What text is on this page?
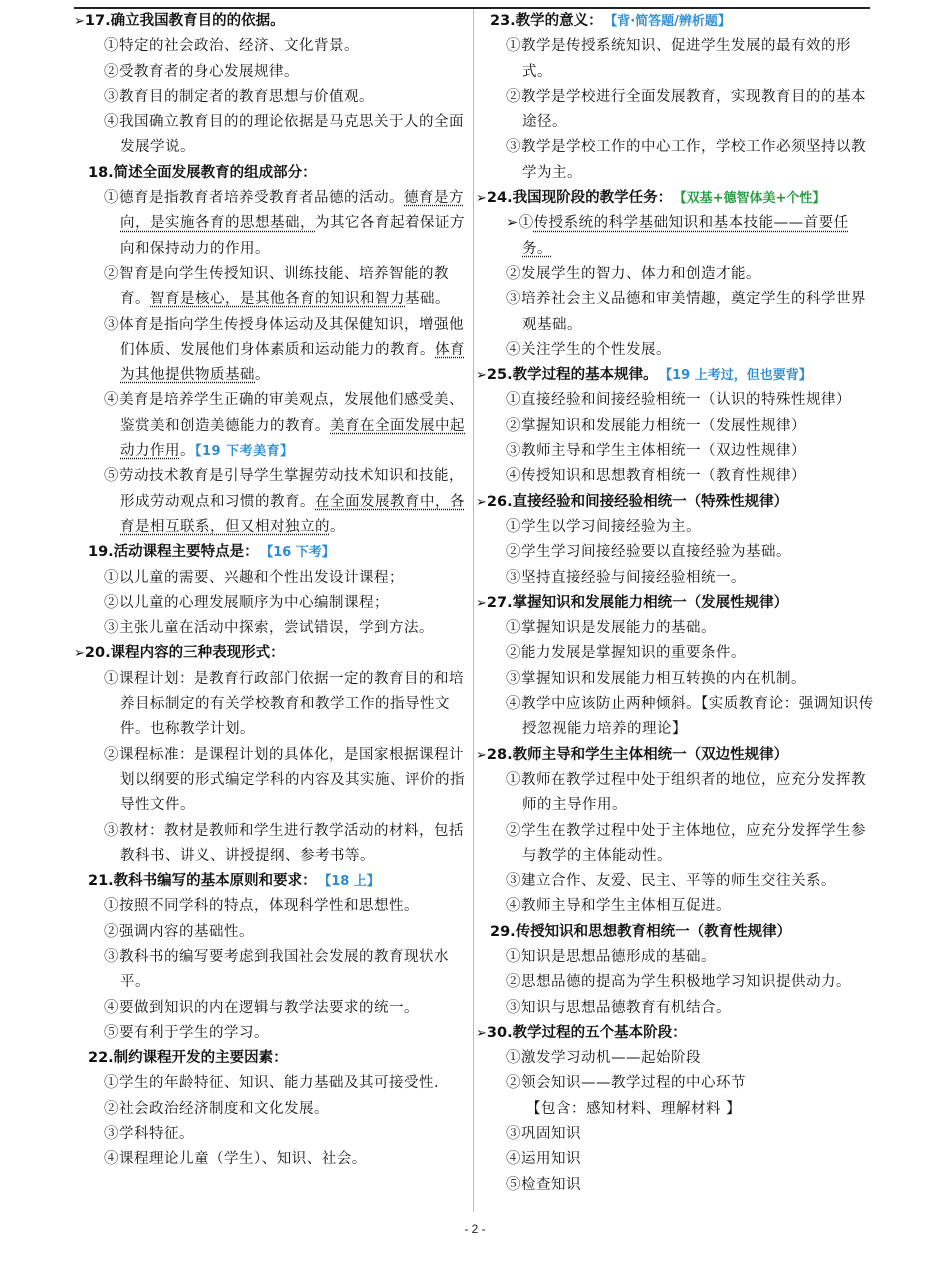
➢17.确立我国教育目的的依据。
①特定的社会政治、经济、文化背景。
②受教育者的身心发展规律。
③教育目的制定者的教育思想与价值观。
④我国确立教育目的的理论依据是马克思关于人的全面发展学说。
18.简述全面发展教育的组成部分：
①德育是指教育者培养受教育者品德的活动。德育是方向，是实施各育的思想基础，为其它各育起着保证方向和保持动力的作用。
②智育是向学生传授知识、训练技能、培养智能的教育。智育是核心，是其他各育的知识和智力基础。
③体育是指向学生传授身体运动及其保健知识，增强他们体质、发展他们身体素质和运动能力的教育。体育为其他提供物质基础。
④美育是培养学生正确的审美观点，发展他们感受美、鉴赏美和创造美德能力的教育。美育在全面发展中起动力作用。【19 下考美育】
⑤劳动技术教育是引导学生掌握劳动技术知识和技能，形成劳动观点和习惯的教育。在全面发展教育中，各育是相互联系，但又相对独立的。
19.活动课程主要特点是： 【16 下考】
①以儿童的需要、兴趣和个性出发设计课程；
②以儿童的心理发展顺序为中心编制课程；
③主张儿童在活动中探索，尝试错误，学到方法。
➢20.课程内容的三种表现形式：
①课程计划：是教育行政部门依据一定的教育目的和培养目标制定的有关学校教育和教学工作的指导性文件。也称教学计划。
②课程标准：是课程计划的具体化，是国家根据课程计划以纲要的形式编定学科的内容及其实施、评价的指导性文件。
③教材：教材是教师和学生进行教学活动的材料，包括教科书、讲义、讲授提纲、参考书等。
21.教科书编写的基本原则和要求： 【18 上】
①按照不同学科的特点，体现科学性和思想性。
②强调内容的基础性。
③教科书的编写要考虑到我国社会发展的教育现状水平。
④要做到知识的内在逻辑与教学法要求的统一。
⑤要有利于学生的学习。
22.制约课程开发的主要因素：
①学生的年龄特征、知识、能力基础及其可接受性.
②社会政治经济制度和文化发展。
③学科特征。
④课程理论儿童（学生）、知识、社会。
23.教学的意义： 【背·简答题/辨析题】
①教学是传授系统知识、促进学生发展的最有效的形式。
②教学是学校进行全面发展教育，实现教育目的的基本途径。
③教学是学校工作的中心工作，学校工作必须坚持以教学为主。
➢24.我国现阶段的教学任务： 【双基+德智体美+个性】
➢①传授系统的科学基础知识和基本技能——首要任务。
②发展学生的智力、体力和创造才能。
③培养社会主义品德和审美情趣，奠定学生的科学世界观基础。
④关注学生的个性发展。
➢25.教学过程的基本规律。 【19 上考过，但也要背】
①直接经验和间接经验相统一（认识的特殊性规律）
②掌握知识和发展能力相统一（发展性规律）
③教师主导和学生主体相统一（双边性规律）
④传授知识和思想教育相统一（教育性规律）
➢26.直接经验和间接经验相统一（特殊性规律）
①学生以学习间接经验为主。
②学生学习间接经验要以直接经验为基础。
③坚持直接经验与间接经验相统一。
➢27.掌握知识和发展能力相统一（发展性规律）
①掌握知识是发展能力的基础。
②能力发展是掌握知识的重要条件。
③掌握知识和发展能力相互转换的内在机制。
④教学中应该防止两种倾斜。【实质教育论：强调知识传授忽视能力培养的理论】
➢28.教师主导和学生主体相统一（双边性规律）
①教师在教学过程中处于组织者的地位，应充分发挥教师的主导作用。
②学生在教学过程中处于主体地位，应充分发挥学生参与教学的主体能动性。
③建立合作、友爱、民主、平等的师生交往关系。
④教师主导和学生主体相互促进。
29.传授知识和思想教育相统一（教育性规律）
①知识是思想品德形成的基础。
②思想品德的提高为学生积极地学习知识提供动力。
③知识与思想品德教育有机结合。
➢30.教学过程的五个基本阶段：
①激发学习动机——起始阶段
②领会知识——教学过程的中心环节
【包含：感知材料、理解材料 】
③巩固知识
④运用知识
⑤检查知识
- 2 -
